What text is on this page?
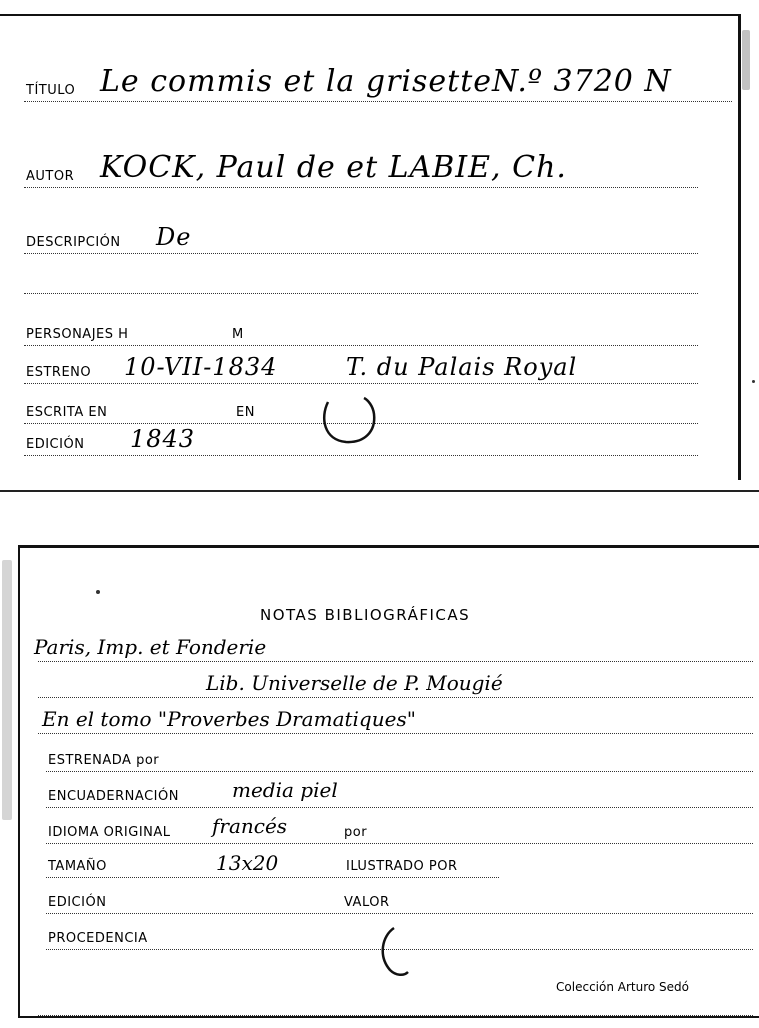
TÍTULO Le commis et la grisetteN.º 3720 N
AUTOR KOCK, Paul de et LABIE, Ch.
DESCRIPCIÓN De
PERSONAJES H	M
ESTRENO 10-VII-1834	T. du Palais Royal
ESCRITA EN	EN
EDICIÓN 1843
NOTAS BIBLIOGRÁFICAS
Paris, Imp. et Fonderie
Lib. Universelle de P. Mougié
En el tomo "Proverbes Dramatiques"
ESTRENADA por
ENCUADERNACIÓN	media piel
IDIOMA ORIGINAL francés	por
TAMAÑO	13x20	ILUSTRADO POR
EDICIÓN	VALOR
PROCEDENCIA
Colección Arturo Sedó
